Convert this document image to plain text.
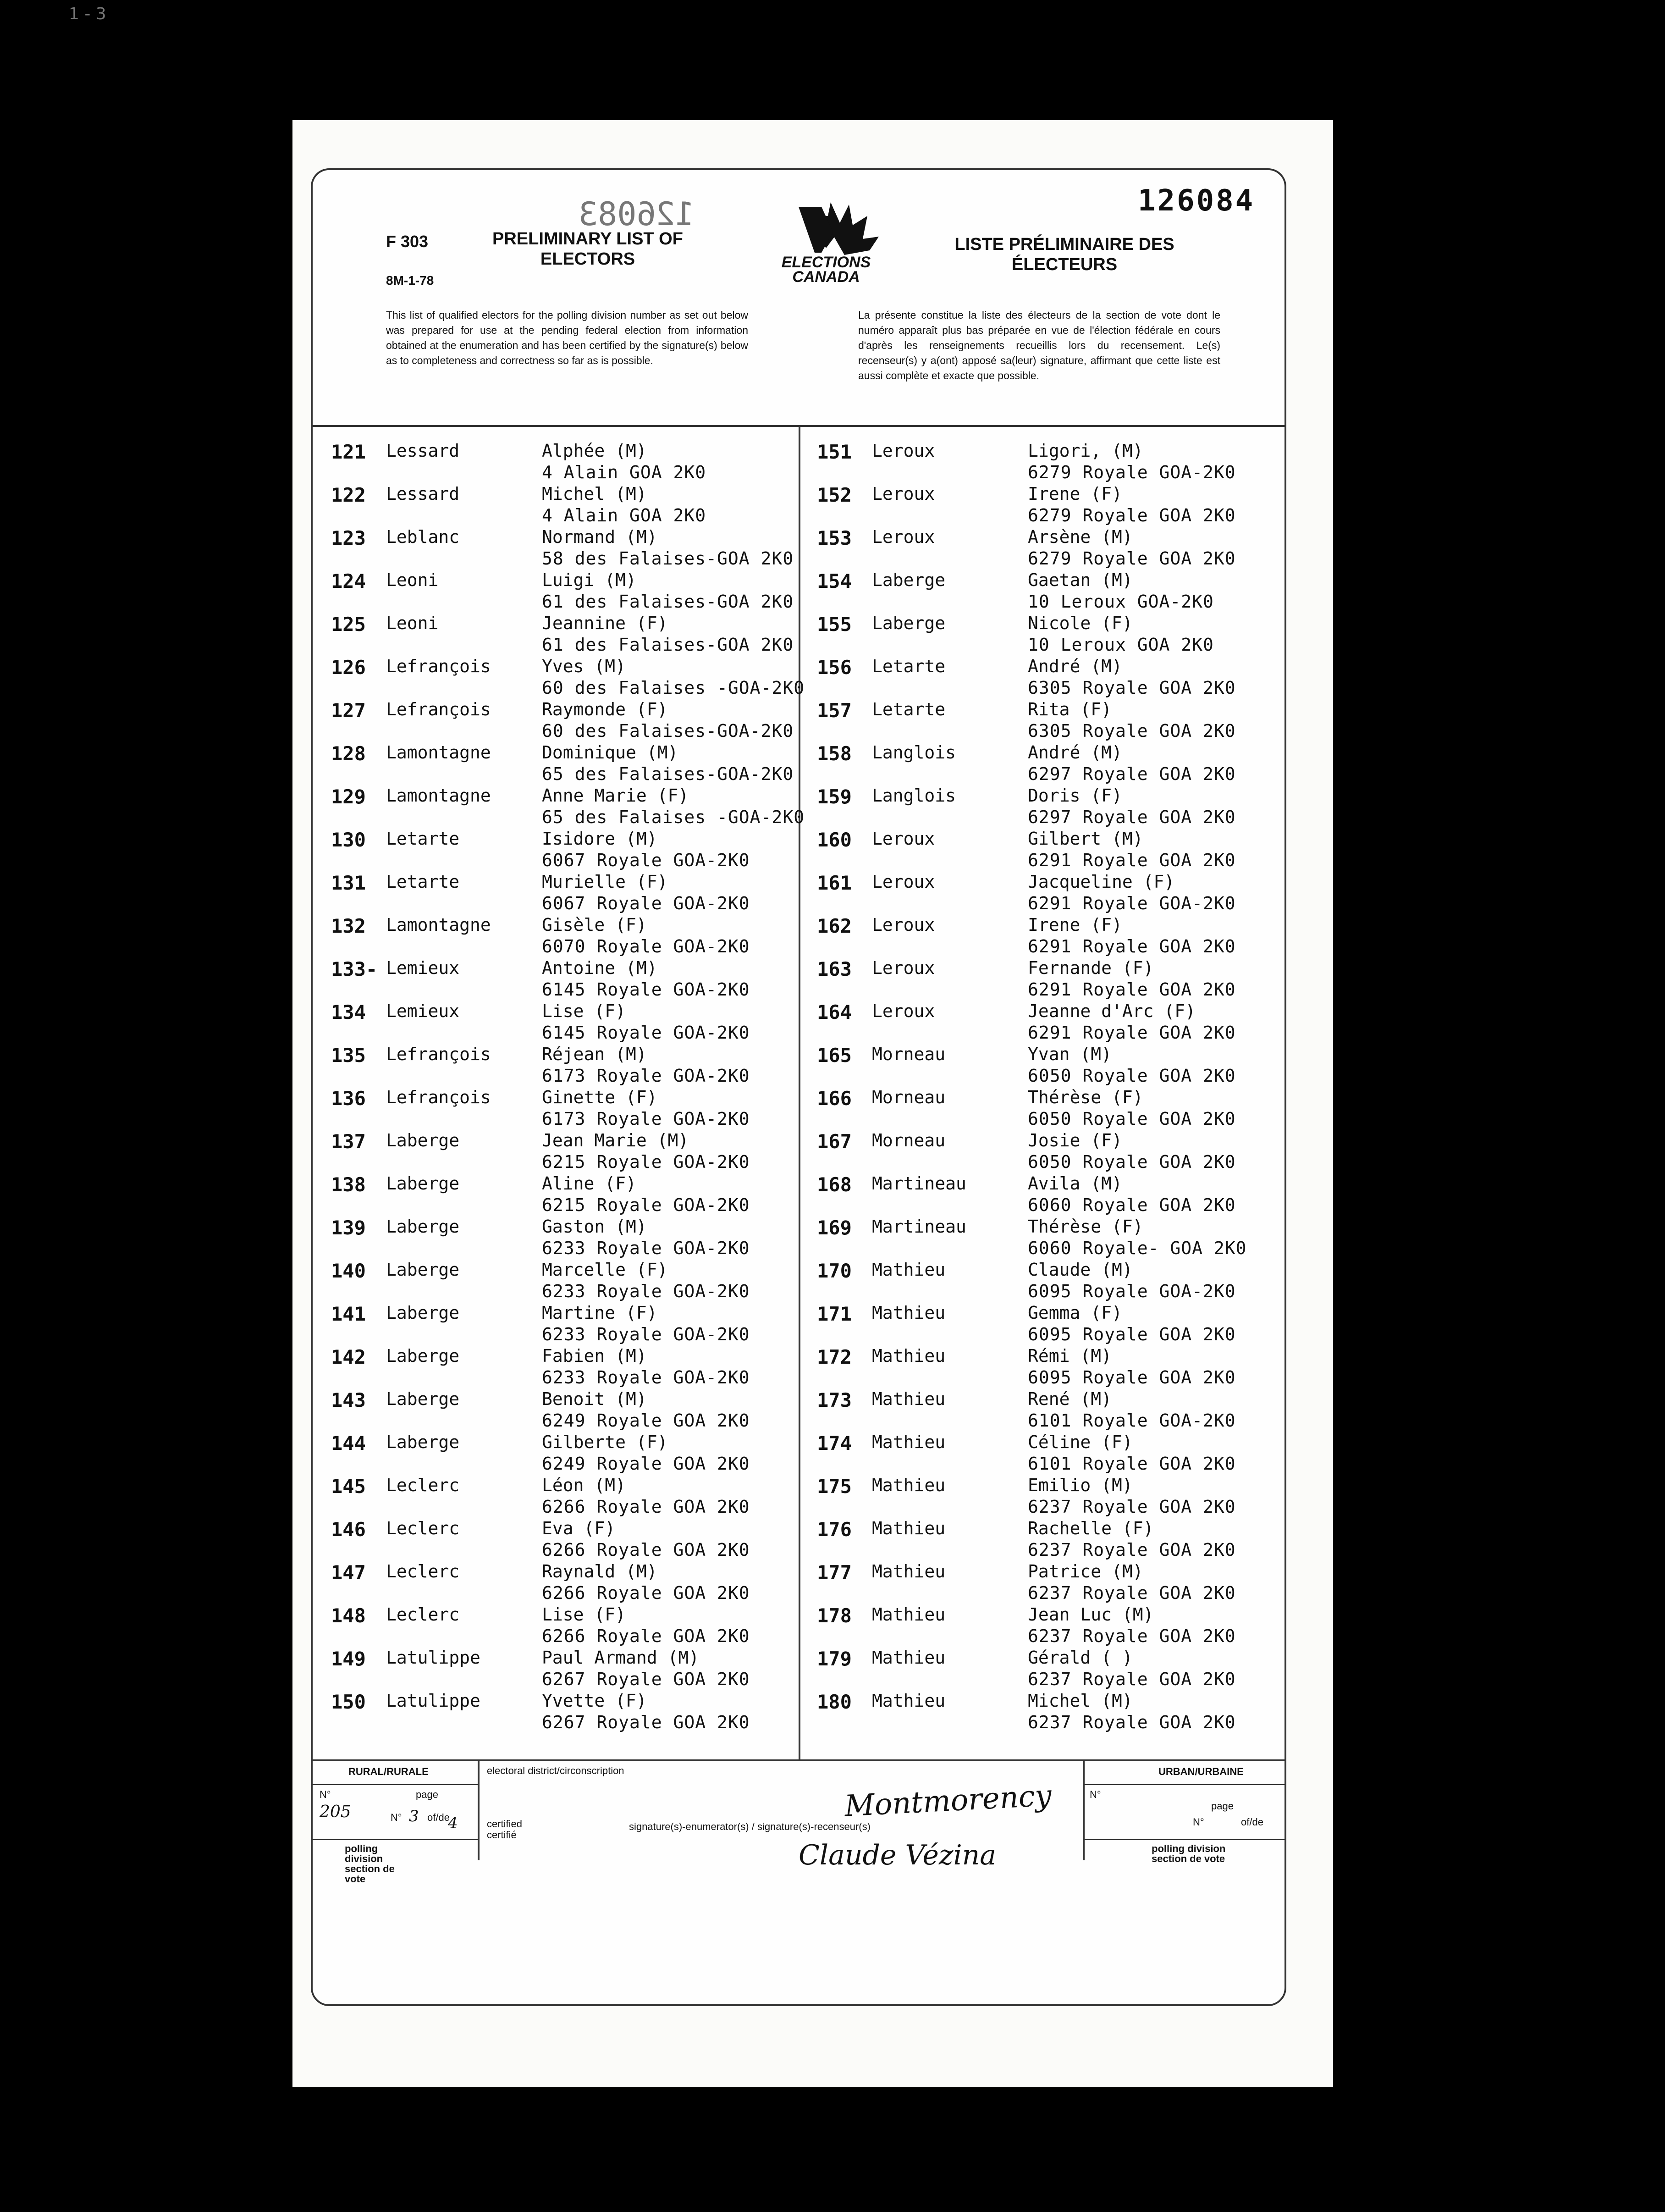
1 - 3
126083	126084
F 303
8M-1-78
PRELIMINARY LIST OF ELECTORS
LISTE PRÉLIMINAIRE DES ÉLECTEURS
ELECTIONS CANADA
This list of qualified electors for the polling division number as set out below was prepared for use at the pending federal election from information obtained at the enumeration and has been certified by the signature(s) below as to completeness and correctness so far as is possible.
La présente constitue la liste des électeurs de la section de vote dont le numéro apparaît plus bas préparée en vue de l'élection fédérale en cours d'après les renseignements recueillis lors du recensement. Le(s) recenseur(s) y a(ont) apposé sa(leur) signature, affirmant que cette liste est aussi complète et exacte que possible.
121 Lessard	Alphée (M)
4 Alain GOA 2K0
122 Lessard	Michel (M)
4 Alain GOA 2K0
123 Leblanc	Normand (M)
58 des Falaises-GOA 2K0
124 Leoni	Luigi (M)
61 des Falaises-GOA 2K0
125 Leoni	Jeannine (F)
61 des Falaises-GOA 2K0
126 Lefrançois	Yves (M)
60 des Falaises -GOA-2K0
127 Lefrançois	Raymonde (F)
60 des Falaises-GOA-2K0
128 Lamontagne	Dominique (M)
65 des Falaises-GOA-2K0
129 Lamontagne	Anne Marie (F)
65 des Falaises -GOA-2K0
130 Letarte	Isidore (M)
6067 Royale GOA-2K0
131 Letarte	Murielle (F)
6067 Royale GOA-2K0
132 Lamontagne	Gisèle (F)
6070 Royale GOA-2K0
133- Lemieux	Antoine (M)
6145 Royale GOA-2K0
134 Lemieux	Lise (F)
6145 Royale GOA-2K0
135 Lefrançois	Réjean (M)
6173 Royale GOA-2K0
136 Lefrançois	Ginette (F)
6173 Royale GOA-2K0
137 Laberge	Jean Marie (M)
6215 Royale GOA-2K0
138 Laberge	Aline (F)
6215 Royale GOA-2K0
139 Laberge	Gaston (M)
6233 Royale GOA-2K0
140 Laberge	Marcelle (F)
6233 Royale GOA-2K0
141 Laberge	Martine (F)
6233 Royale GOA-2K0
142 Laberge	Fabien (M)
6233 Royale GOA-2K0
143 Laberge	Benoit (M)
6249 Royale GOA 2K0
144 Laberge	Gilberte (F)
6249 Royale GOA 2K0
145 Leclerc	Léon (M)
6266 Royale GOA 2K0
146 Leclerc	Eva (F)
6266 Royale GOA 2K0
147 Leclerc	Raynald (M)
6266 Royale GOA 2K0
148 Leclerc	Lise (F)
6266 Royale GOA 2K0
149 Latulippe	Paul Armand (M)
6267 Royale GOA 2K0
150 Latulippe	Yvette (F)
6267 Royale GOA 2K0
151 Leroux	Ligori, (M)
6279 Royale GOA-2K0
152 Leroux	Irene (F)
6279 Royale GOA 2K0
153 Leroux	Arsène (M)
6279 Royale GOA 2K0
154 Laberge	Gaetan (M)
10 Leroux GOA-2K0
155 Laberge	Nicole (F)
10 Leroux GOA 2K0
156 Letarte	André (M)
6305 Royale GOA 2K0
157 Letarte	Rita (F)
6305 Royale GOA 2K0
158 Langlois	André (M)
6297 Royale GOA 2K0
159 Langlois	Doris (F)
6297 Royale GOA 2K0
160 Leroux	Gilbert (M)
6291 Royale GOA 2K0
161 Leroux	Jacqueline (F)
6291 Royale GOA-2K0
162 Leroux	Irene (F)
6291 Royale GOA 2K0
163 Leroux	Fernande (F)
6291 Royale GOA 2K0
164 Leroux	Jeanne d'Arc (F)
6291 Royale GOA 2K0
165 Morneau	Yvan (M)
6050 Royale GOA 2K0
166 Morneau	Thérèse (F)
6050 Royale GOA 2K0
167 Morneau	Josie (F)
6050 Royale GOA 2K0
168 Martineau	Avila (M)
6060 Royale GOA 2K0
169 Martineau	Thérèse (F)
6060 Royale- GOA 2K0
170 Mathieu	Claude (M)
6095 Royale GOA-2K0
171 Mathieu	Gemma (F)
6095 Royale GOA 2K0
172 Mathieu	Rémi (M)
6095 Royale GOA 2K0
173 Mathieu	René (M)
6101 Royale GOA-2K0
174 Mathieu	Céline (F)
6101 Royale GOA 2K0
175 Mathieu	Emilio (M)
6237 Royale GOA 2K0
176 Mathieu	Rachelle (F)
6237 Royale GOA 2K0
177 Mathieu	Patrice (M)
6237 Royale GOA 2K0
178 Mathieu	Jean Luc (M)
6237 Royale GOA 2K0
179 Mathieu	Gérald ( )
6237 Royale GOA 2K0
180 Mathieu	Michel (M)
6237 Royale GOA 2K0
RURAL/RURALE
N°
205
page
N° 3 of/de
4
polling division section de vote
electoral district/circonscription
Montmorency
certified certifié
signature(s)-enumerator(s) / signature(s)-recenseur(s)
Claude Vézina
URBAN/URBAINE
N°
page
N°	of/de
polling division section de vote
